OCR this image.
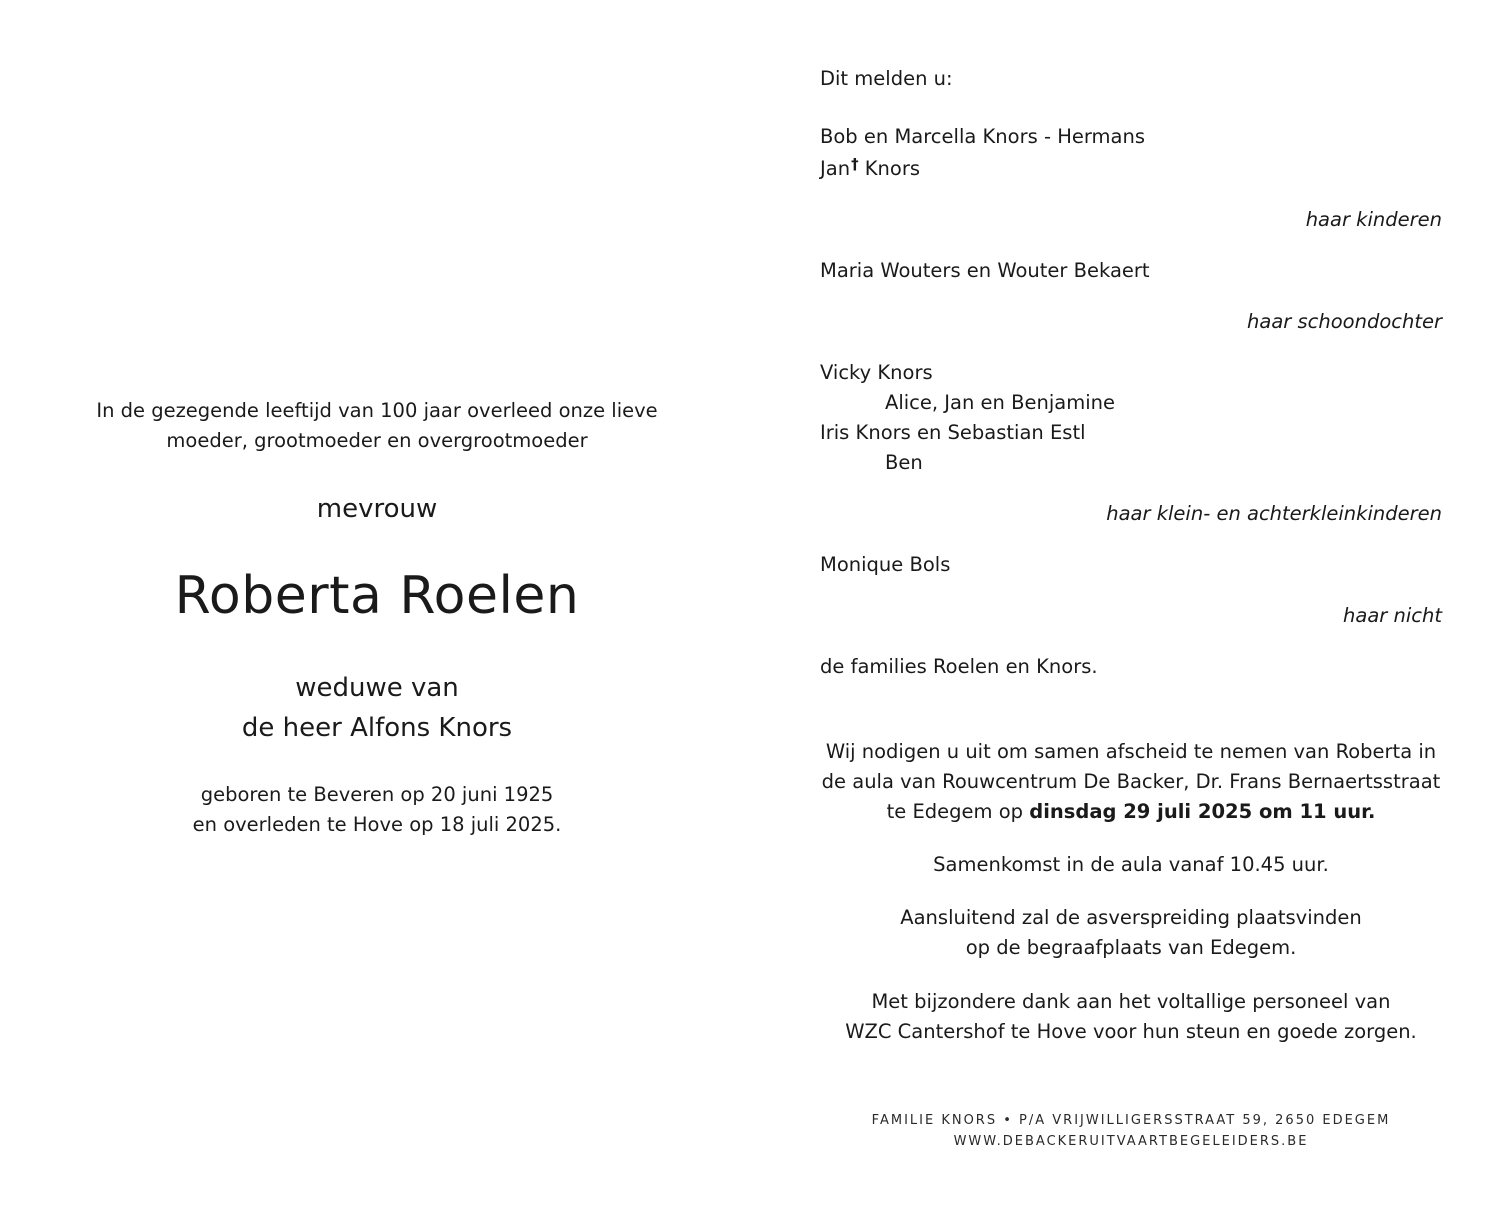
In de gezegende leeftijd van 100 jaar overleed onze lieve
moeder, grootmoeder en overgrootmoeder
mevrouw
Roberta Roelen
weduwe van
de heer Alfons Knors
geboren te Beveren op 20 juni 1925
en overleden te Hove op 18 juli 2025.
Dit melden u:
Bob en Marcella Knors - Hermans
Jan† Knors
haar kinderen
Maria Wouters en Wouter Bekaert
haar schoondochter
Vicky Knors
Alice, Jan en Benjamine
Iris Knors en Sebastian Estl
Ben
haar klein- en achterkleinkinderen
Monique Bols
haar nicht
de families Roelen en Knors.
Wij nodigen u uit om samen afscheid te nemen van Roberta in
de aula van Rouwcentrum De Backer, Dr. Frans Bernaertsstraat
te Edegem op dinsdag 29 juli 2025 om 11 uur.
Samenkomst in de aula vanaf 10.45 uur.
Aansluitend zal de asverspreiding plaatsvinden
op de begraafplaats van Edegem.
Met bijzondere dank aan het voltallige personeel van
WZC Cantershof te Hove voor hun steun en goede zorgen.
FAMILIE KNORS • P/A VRIJWILLIGERSSTRAAT 59, 2650 EDEGEM
WWW.DEBACKERUITVAARTBEGELEIDERS.BE
